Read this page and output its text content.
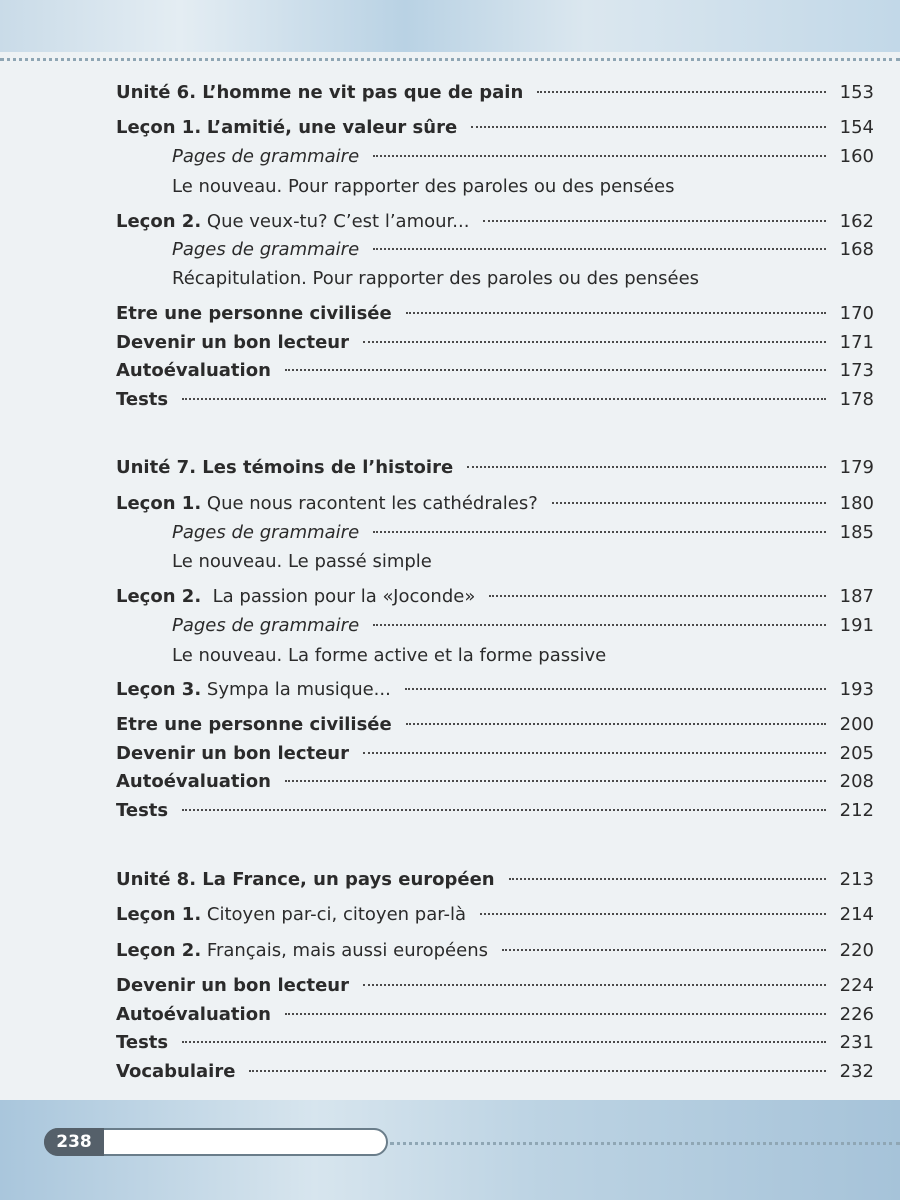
Unité 6. L’homme ne vit pas que de pain	153
Leçon 1. L’amitié, une valeur sûre	154
Pages de grammaire	160
Le nouveau. Pour rapporter des paroles ou des pensées
Leçon 2. Que veux-tu? C’est l’amour...	162
Pages de grammaire	168
Récapitulation. Pour rapporter des paroles ou des pensées
Etre une personne civilisée	170
Devenir un bon lecteur	171
Autoévaluation	173
Tests	178
Unité 7. Les témoins de l’histoire	179
Leçon 1. Que nous racontent les cathédrales?	180
Pages de grammaire	185
Le nouveau. Le passé simple
Leçon 2. La passion pour la «Joconde»	187
Pages de grammaire	191
Le nouveau. La forme active et la forme passive
Leçon 3. Sympa la musique...	193
Etre une personne civilisée	200
Devenir un bon lecteur	205
Autoévaluation	208
Tests	212
Unité 8. La France, un pays européen	213
Leçon 1. Citoyen par-ci, citoyen par-là	214
Leçon 2. Français, mais aussi européens	220
Devenir un bon lecteur	224
Autoévaluation	226
Tests	231
Vocabulaire	232
238
